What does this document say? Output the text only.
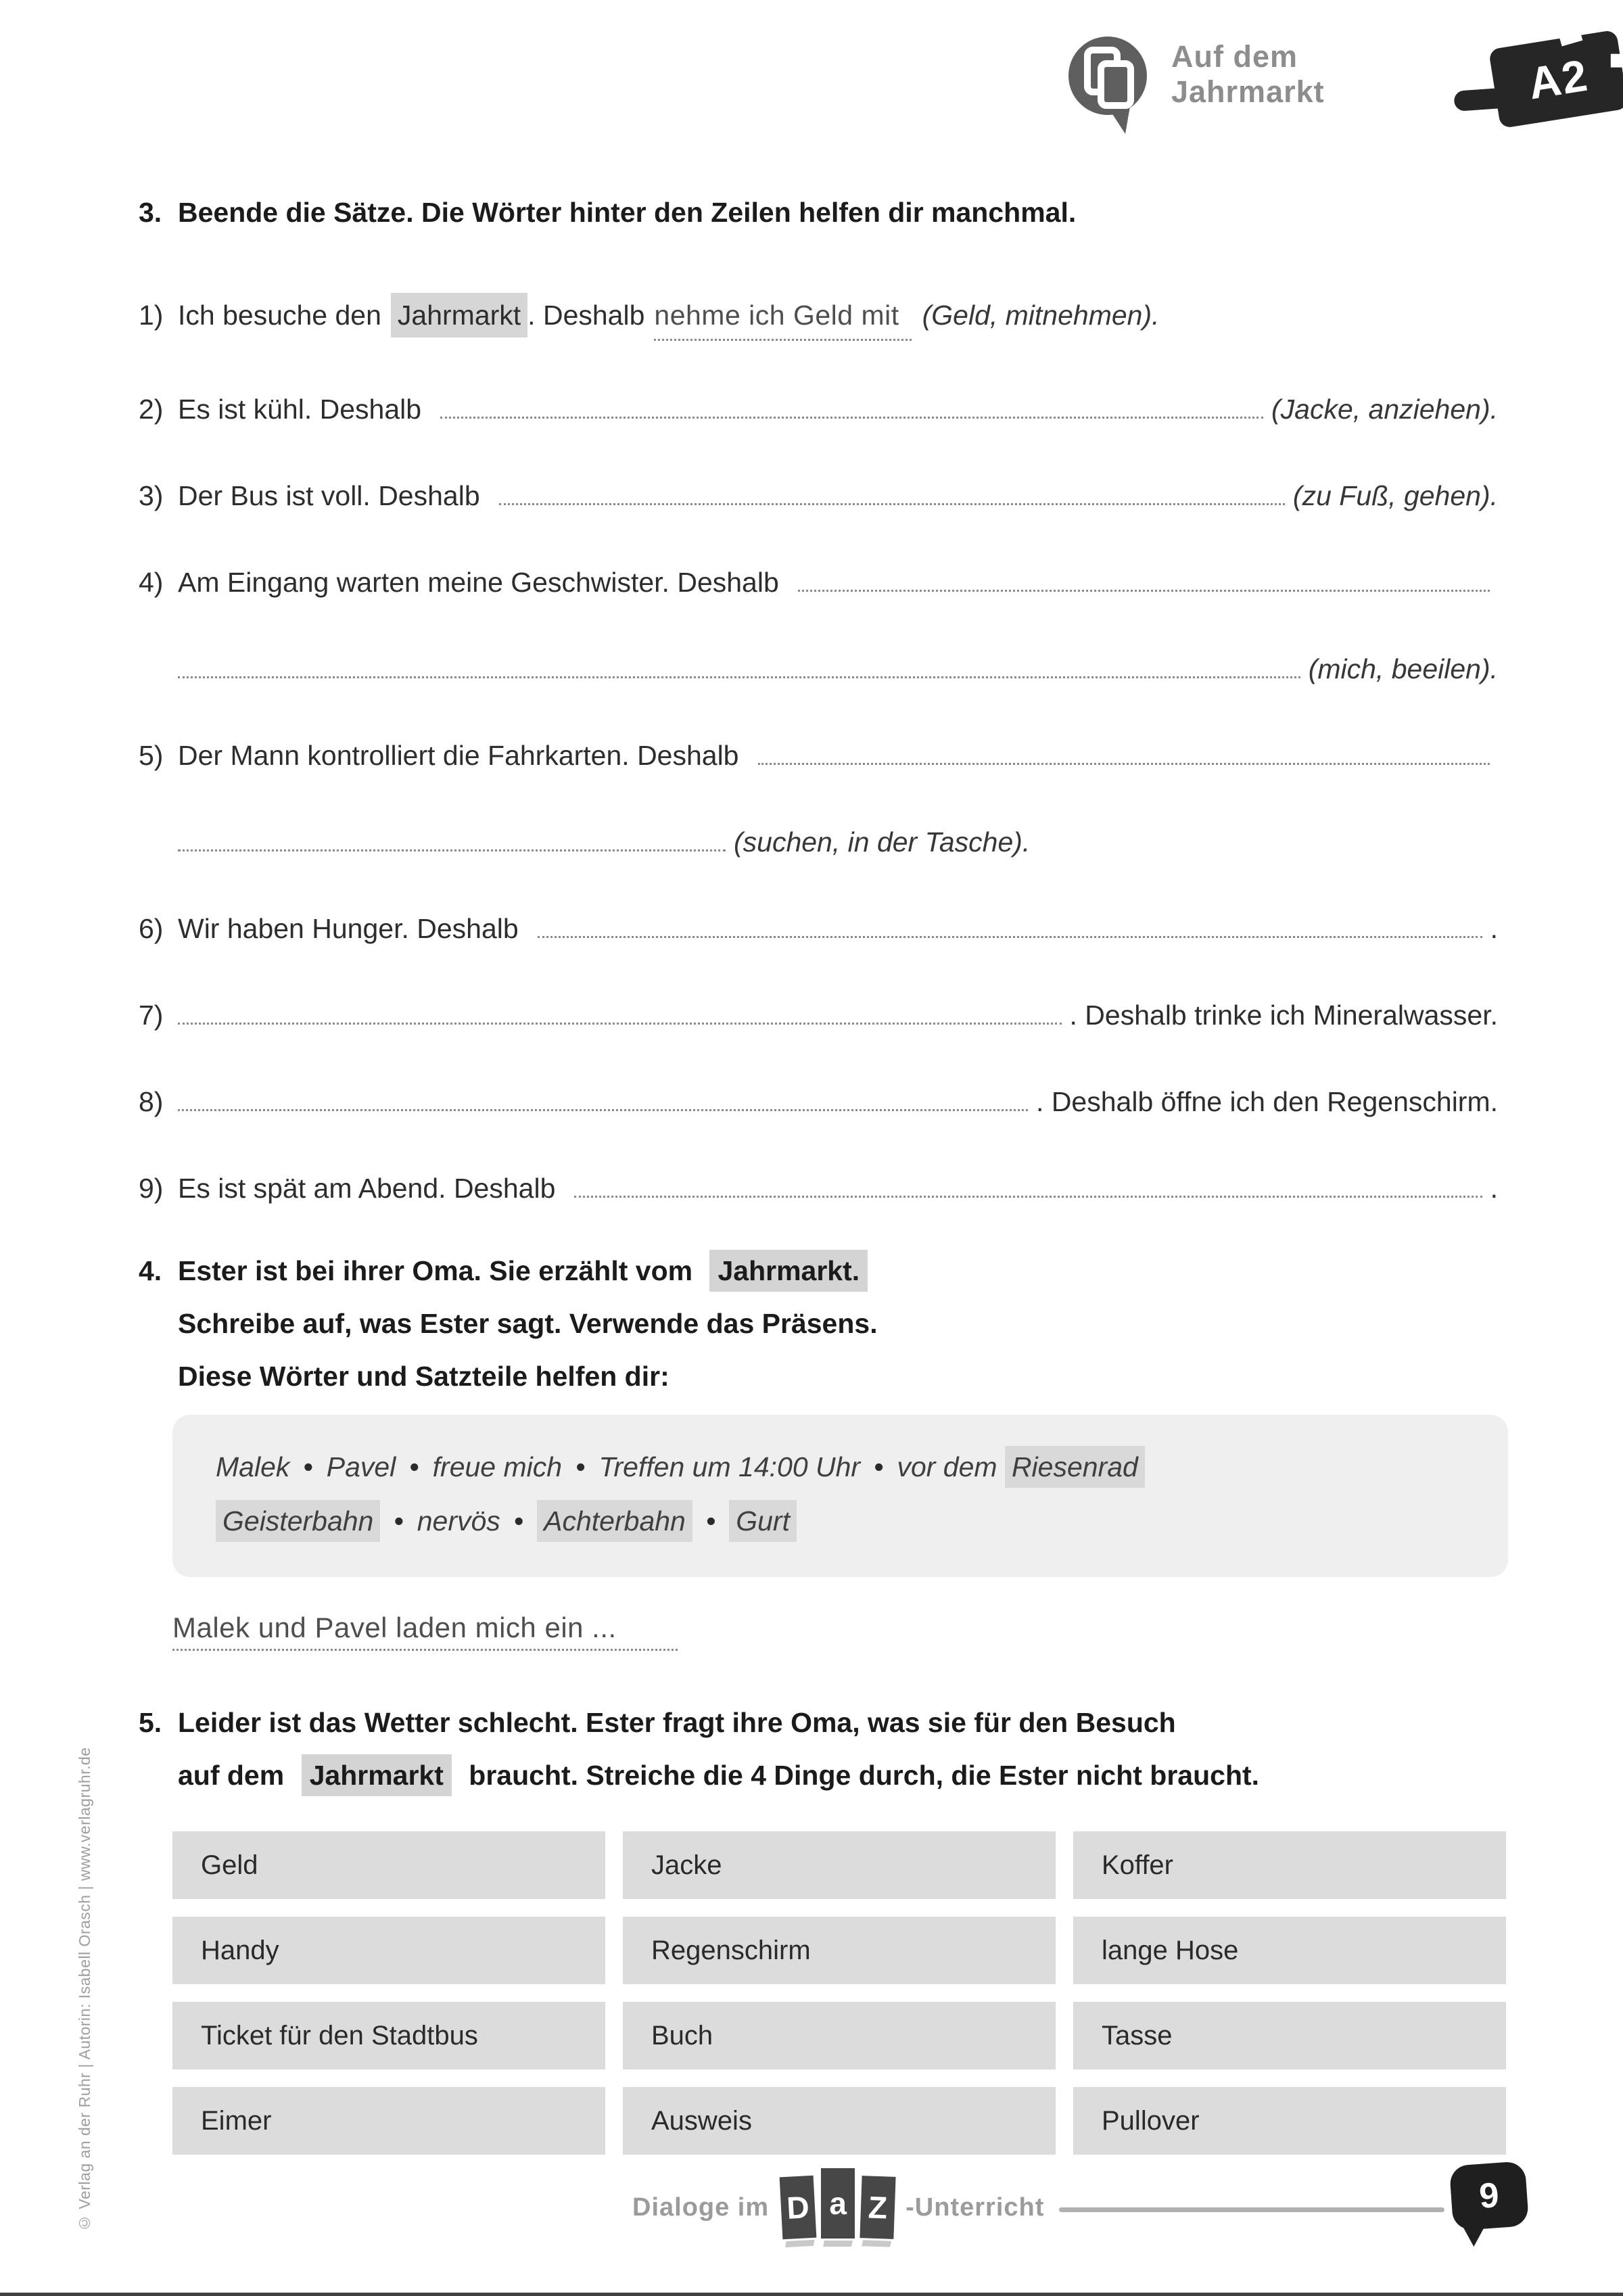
Auf dem Jahrmarkt	A2
3. Beende die Sätze. Die Wörter hinter den Zeilen helfen dir manchmal.
1) Ich besuche den Jahrmarkt . Deshalb nehme ich Geld mit (Geld, mitnehmen).
2) Es ist kühl. Deshalb	(Jacke, anziehen).
3) Der Bus ist voll. Deshalb	(zu Fuß, gehen).
4) Am Eingang warten meine Geschwister. Deshalb
(mich, beeilen).
5) Der Mann kontrolliert die Fahrkarten. Deshalb
(suchen, in der Tasche).
6) Wir haben Hunger. Deshalb	.
7)	. Deshalb trinke ich Mineralwasser.
8)	. Deshalb öffne ich den Regenschirm.
9) Es ist spät am Abend. Deshalb	.
4. Ester ist bei ihrer Oma. Sie erzählt vom Jahrmarkt.
Schreibe auf, was Ester sagt. Verwende das Präsens.
Diese Wörter und Satzteile helfen dir:
Malek • Pavel • freue mich • Treffen um 14:00 Uhr • vor dem Riesenrad
Geisterbahn • nervös • Achterbahn • Gurt
Malek und Pavel laden mich ein ...
5. Leider ist das Wetter schlecht. Ester fragt ihre Oma, was sie für den Besuch
auf dem Jahrmarkt braucht. Streiche die 4 Dinge durch, die Ester nicht braucht.
Geld	Jacke	Koffer
Handy	Regenschirm	lange Hose
Ticket für den Stadtbus	Buch	Tasse
Eimer	Ausweis	Pullover
Dialoge im D a Z -Unterricht	9
© Verlag an der Ruhr | Autorin: Isabell Orasch | www.verlagruhr.de
